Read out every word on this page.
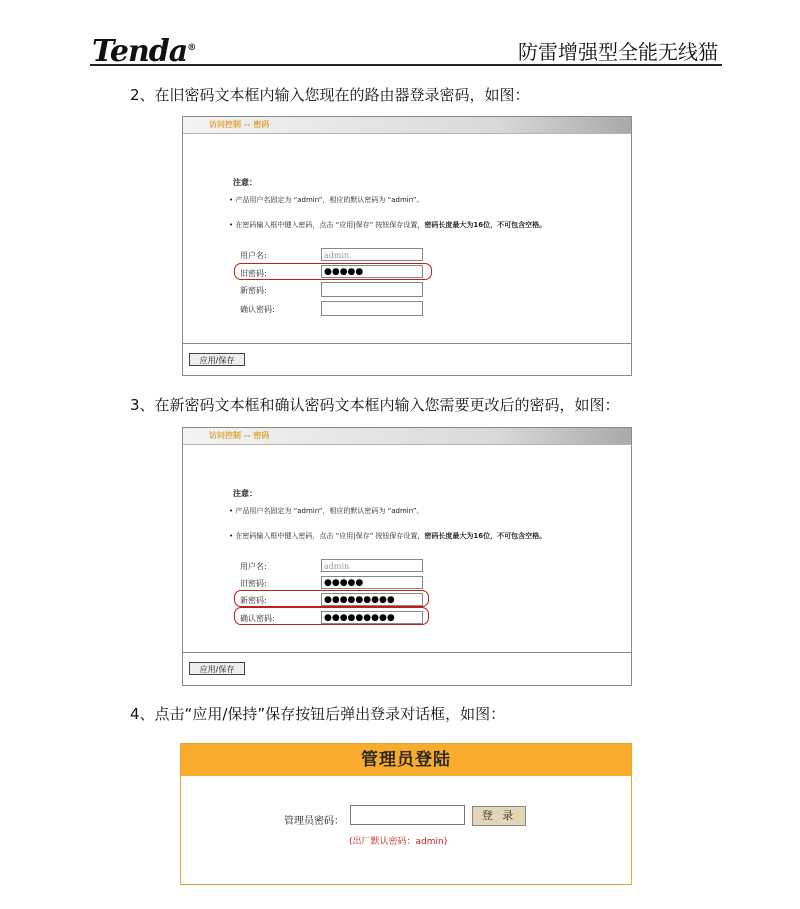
Tenda®	防雷增强型全能无线猫
2、在旧密码文本框内输入您现在的路由器登录密码，如图：
访问控制 -- 密码
注意：
• 产品用户名固定为 “admin”，相应的默认密码为 “admin”。
• 在密码输入框中键入密码，点击 “应用|保存” 按钮保存设置，密码长度最大为16位，不可包含空格。
用户名:	admin
旧密码:	●●●●●
新密码:
确认密码:
应用/保存
3、在新密码文本框和确认密码文本框内输入您需要更改后的密码，如图：
访问控制 -- 密码
注意：
• 产品用户名固定为 “admin”，相应的默认密码为 “admin”。
• 在密码输入框中键入密码，点击 “应用|保存” 按钮保存设置，密码长度最大为16位，不可包含空格。
用户名:	admin
旧密码:	●●●●●
新密码:	●●●●●●●●●
确认密码:	●●●●●●●●●
应用/保存
4、点击“应用/保持”保存按钮后弹出登录对话框，如图：
管理员登陆
管理员密码：	登 录
(出厂默认密码：admin)
